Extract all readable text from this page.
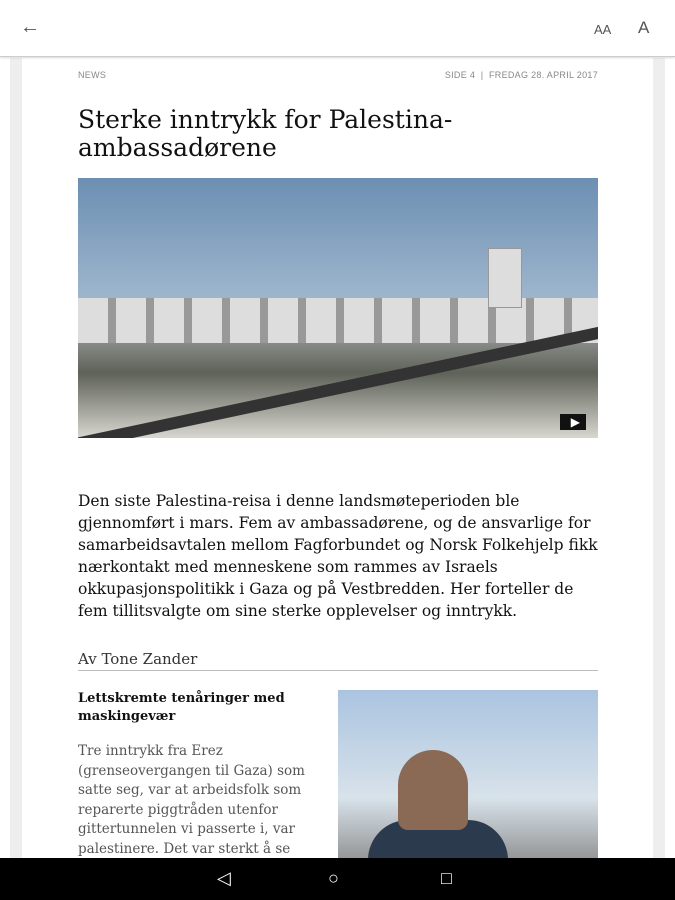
←	AA A
NEWS	SIDE 4  |  FREDAG 28. APRIL 2017
Sterke inntrykk for Palestina-ambassadørene
▶

Den siste Palestina-reisa i denne landsmøteperioden ble gjennomført i mars. Fem av ambassadørene, og de ansvarlige for samarbeidsavtalen mellom Fagforbundet og Norsk Folkehjelp fikk nærkontakt med menneskene som rammes av Israels okkupasjonspolitikk i Gaza og på Vestbredden. Her forteller de fem tillitsvalgte om sine sterke opplevelser og inntrykk.

Av Tone Zander
Lettskremte tenåringer med maskingevær

Tre inntrykk fra Erez (grenseovergangen til Gaza) som satte seg, var at arbeidsfolk som reparerte piggtråden utenfor gittertunnelen vi passerte i, var palestinere. Det var sterkt å se

◁	○	□
